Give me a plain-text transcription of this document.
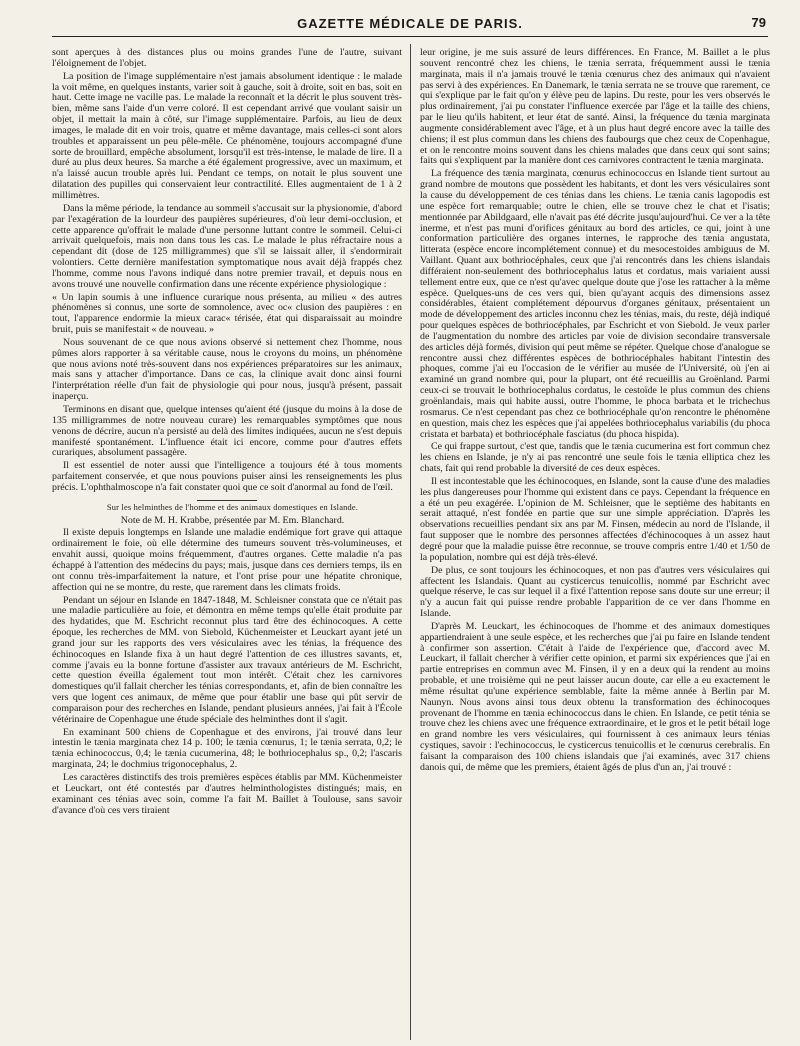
GAZETTE MÉDICALE DE PARIS.	79

sont aperçues à des distances plus ou moins grandes l'une de l'autre, suivant l'éloignement de l'objet.

La position de l'image supplémentaire n'est jamais absolument identique : le malade la voit même, en quelques instants, varier soit à gauche, soit à droite, soit en bas, soit en haut. Cette image ne vacille pas. Le malade la reconnaît et la décrit le plus souvent très-bien, même sans l'aide d'un verre coloré. Il est cependant arrivé que voulant saisir un objet, il mettait la main à côté, sur l'image supplémentaire. Parfois, au lieu de deux images, le malade dit en voir trois, quatre et même davantage, mais celles-ci sont alors troubles et apparaissent un peu pêle-mêle. Ce phénomène, toujours accompagné d'une sorte de brouillard, empêche absolument, lorsqu'il est très-intense, le malade de lire. Il a duré au plus deux heures. Sa marche a été également progressive, avec un maximum, et n'a laissé aucun trouble après lui. Pendant ce temps, on notait le plus souvent une dilatation des pupilles qui conservaient leur contractilité. Elles augmentaient de 1 à 2 millimètres.

Dans la même période, la tendance au sommeil s'accusait sur la physionomie, d'abord par l'exagération de la lourdeur des paupières supérieures, d'où leur demi-occlusion, et cette apparence qu'offrait le malade d'une personne luttant contre le sommeil. Celui-ci arrivait quelquefois, mais non dans tous les cas. Le malade le plus réfractaire nous a cependant dit (dose de 125 milligrammes) que s'il se laissait aller, il s'endormirait volontiers. Cette dernière manifestation symptomatique nous avait déjà frappés chez l'homme, comme nous l'avons indiqué dans notre premier travail, et depuis nous en avons trouvé une nouvelle confirmation dans une récente expérience physiologique :

« Un lapin soumis à une influence curarique nous présenta, au milieu « des autres phénomènes si connus, une sorte de somnolence, avec oc« clusion des paupières : en tout, l'apparence endormie la mieux carac« térisée, état qui disparaissait au moindre bruit, puis se manifestait « de nouveau. »

Nous souvenant de ce que nous avions observé si nettement chez l'homme, nous pûmes alors rapporter à sa véritable cause, nous le croyons du moins, un phénomène que nous avions noté très-souvent dans nos expériences préparatoires sur les animaux, mais sans y attacher d'importance. Dans ce cas, la clinique avait donc ainsi fourni l'interprétation réelle d'un fait de physiologie qui pour nous, jusqu'à présent, passait inaperçu.

Terminons en disant que, quelque intenses qu'aient été (jusque du moins à la dose de 135 milligrammes de notre nouveau curare) les remarquables symptômes que nous venons de décrire, aucun n'a persisté au delà des limites indiquées, aucun ne s'est depuis manifesté spontanément. L'influence était ici encore, comme pour d'autres effets curariques, absolument passagère.

Il est essentiel de noter aussi que l'intelligence a toujours été à tous moments parfaitement conservée, et que nous pouvions puiser ainsi les renseignements les plus précis. L'ophthalmoscope n'a fait constater quoi que ce soit d'anormal au fond de l'œil.

Sur les helminthes de l'homme et des animaux domestiques en Islande.

Note de M. H. Krabbe, présentée par M. Em. Blanchard.

Il existe depuis longtemps en Islande une maladie endémique fort grave qui attaque ordinairement le foie, où elle détermine des tumeurs souvent très-volumineuses, et envahit aussi, quoique moins fréquemment, d'autres organes. Cette maladie n'a pas échappé à l'attention des médecins du pays; mais, jusque dans ces derniers temps, ils en ont connu très-imparfaitement la nature, et l'ont prise pour une hépatite chronique, affection qui ne se montre, du reste, que rarement dans les climats froids.

Pendant un séjour en Islande en 1847-1848, M. Schleisner constata que ce n'était pas une maladie particulière au foie, et démontra en même temps qu'elle était produite par des hydatides, que M. Eschricht reconnut plus tard être des échinocoques. A cette époque, les recherches de MM. von Siebold, Küchenmeister et Leuckart ayant jeté un grand jour sur les rapports des vers vésiculaires avec les ténias, la fréquence des échinocoques en Islande fixa à un haut degré l'attention de ces illustres savants, et, comme j'avais eu la bonne fortune d'assister aux travaux antérieurs de M. Eschricht, cette question éveilla également tout mon intérêt. C'était chez les carnivores domestiques qu'il fallait chercher les ténias correspondants, et, afin de bien connaître les vers que logent ces animaux, de même que pour établir une base qui pût servir de comparaison pour des recherches en Islande, pendant plusieurs années, j'ai fait à l'École vétérinaire de Copenhague une étude spéciale des helminthes dont il s'agit.

En examinant 500 chiens de Copenhague et des environs, j'ai trouvé dans leur intestin le tænia marginata chez 14 p. 100; le tænia cœnurus, 1; le tænia serrata, 0,2; le tænia echinococcus, 0,4; le tænia cucumerina, 48; le bothriocephalus sp., 0,2; l'ascaris marginata, 24; le dochmius trigonocephalus, 2.

Les caractères distinctifs des trois premières espèces établis par MM. Küchenmeister et Leuckart, ont été contestés par d'autres helminthologistes distingués; mais, en examinant ces ténias avec soin, comme l'a fait M. Baillet à Toulouse, sans savoir d'avance d'où ces vers tiraient

leur origine, je me suis assuré de leurs différences. En France, M. Baillet a le plus souvent rencontré chez les chiens, le tænia serrata, fréquemment aussi le tænia marginata, mais il n'a jamais trouvé le tænia cœnurus chez des animaux qui n'avaient pas servi à des expériences. En Danemark, le tænia serrata ne se trouve que rarement, ce qui s'explique par le fait qu'on y élève peu de lapins. Du reste, pour les vers observés le plus ordinairement, j'ai pu constater l'influence exercée par l'âge et la taille des chiens, par le lieu qu'ils habitent, et leur état de santé. Ainsi, la fréquence du tænia marginata augmente considérablement avec l'âge, et à un plus haut degré encore avec la taille des chiens; il est plus commun dans les chiens des faubourgs que chez ceux de Copenhague, et on le rencontre moins souvent dans les chiens malades que dans ceux qui sont sains; faits qui s'expliquent par la manière dont ces carnivores contractent le tænia marginata.

La fréquence des tænia marginata, cœnurus echinococcus en Islande tient surtout au grand nombre de moutons que possèdent les habitants, et dont les vers vésiculaires sont la cause du développement de ces ténias dans les chiens. Le tænia canis lagopodis est une espèce fort remarquable; outre le chien, elle se trouve chez le chat et l'isatis; mentionnée par Abildgaard, elle n'avait pas été décrite jusqu'aujourd'hui. Ce ver a la tête inerme, et n'est pas muni d'orifices génitaux au bord des articles, ce qui, joint à une conformation particulière des organes internes, le rapproche des tænia angustata, litterata (espèce encore incomplétement connue) et du mesocestoides ambiguus de M. Vaillant. Quant aux bothriocéphales, ceux que j'ai rencontrés dans les chiens islandais différaient non-seulement des bothriocephalus latus et cordatus, mais variaient aussi tellement entre eux, que ce n'est qu'avec quelque doute que j'ose les rattacher à la même espèce. Quelques-uns de ces vers qui, bien qu'ayant acquis des dimensions assez considérables, étaient complétement dépourvus d'organes génitaux, présentaient un mode de développement des articles inconnu chez les ténias, mais, du reste, déjà indiqué pour quelques espèces de bothriocéphales, par Eschricht et von Siebold. Je veux parler de l'augmentation du nombre des articles par voie de division secondaire transversale des articles déjà formés, division qui peut même se répéter. Quelque chose d'analogue se rencontre aussi chez différentes espèces de bothriocéphales habitant l'intestin des phoques, comme j'ai eu l'occasion de le vérifier au musée de l'Université, où j'en ai examiné un grand nombre qui, pour la plupart, ont été recueillis au Groënland. Parmi ceux-ci se trouvait le bothriocephalus cordatus, le cestoïde le plus commun des chiens groënlandais, mais qui habite aussi, outre l'homme, le phoca barbata et le trichechus rosmarus. Ce n'est cependant pas chez ce bothriocéphale qu'on rencontre le phénomène en question, mais chez les espèces que j'ai appelées bothriocephalus variabilis (du phoca cristata et barbata) et bothriocéphale fasciatus (du phoca hispida).

Ce qui frappe surtout, c'est que, tandis que le tænia cucumerina est fort commun chez les chiens en Islande, je n'y ai pas rencontré une seule fois le tænia elliptica chez les chats, fait qui rend probable la diversité de ces deux espèces.

Il est incontestable que les échinocoques, en Islande, sont la cause d'une des maladies les plus dangereuses pour l'homme qui existent dans ce pays. Cependant la fréquence en a été un peu exagérée. L'opinion de M. Schleisner, que le septième des habitants en serait attaqué, n'est fondée en partie que sur une simple appréciation. D'après les observations recueillies pendant six ans par M. Finsen, médecin au nord de l'Islande, il faut supposer que le nombre des personnes affectées d'échinocoques à un assez haut degré pour que la maladie puisse être reconnue, se trouve compris entre 1/40 et 1/50 de la population, nombre qui est déjà très-élevé.

De plus, ce sont toujours les échinocoques, et non pas d'autres vers vésiculaires qui affectent les Islandais. Quant au cysticercus tenuicollis, nommé par Eschricht avec quelque réserve, le cas sur lequel il a fixé l'attention repose sans doute sur une erreur; il n'y a aucun fait qui puisse rendre probable l'apparition de ce ver dans l'homme en Islande.

D'après M. Leuckart, les échinocoques de l'homme et des animaux domestiques appartiendraient à une seule espèce, et les recherches que j'ai pu faire en Islande tendent à confirmer son assertion. C'était à l'aide de l'expérience que, d'accord avec M. Leuckart, il fallait chercher à vérifier cette opinion, et parmi six expériences que j'ai en partie entreprises en commun avec M. Finsen, il y en a deux qui la rendent au moins probable, et une troisième qui ne peut laisser aucun doute, car elle a eu exactement le même résultat qu'une expérience semblable, faite la même année à Berlin par M. Naunyn. Nous avons ainsi tous deux obtenu la transformation des échinocoques provenant de l'homme en tænia echinococcus dans le chien. En Islande, ce petit ténia se trouve chez les chiens avec une fréquence extraordinaire, et le gros et le petit bétail loge en grand nombre les vers vésiculaires, qui fournissent à ces animaux leurs ténias cystiques, savoir : l'echinococcus, le cysticercus tenuicollis et le cœnurus cerebralis. En faisant la comparaison des 100 chiens islandais que j'ai examinés, avec 317 chiens danois qui, de même que les premiers, étaient âgés de plus d'un an, j'ai trouvé :
